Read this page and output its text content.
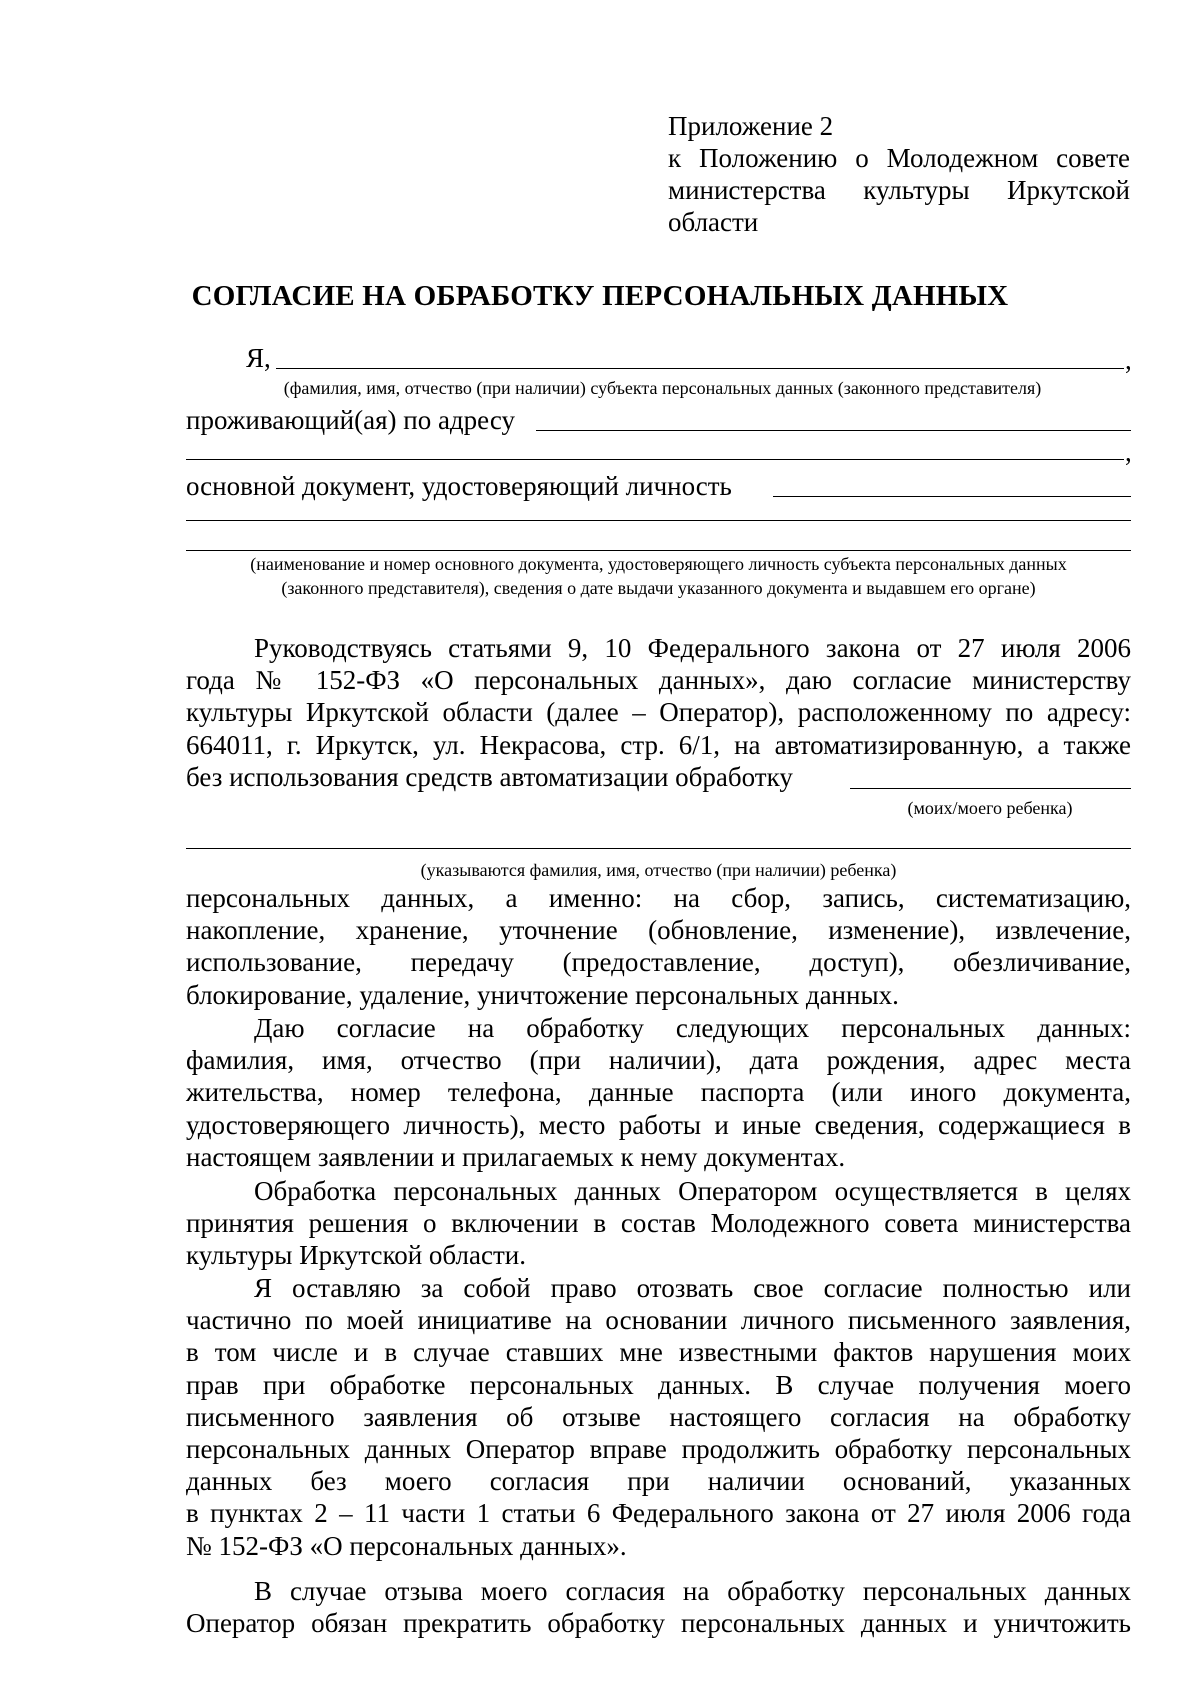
Приложение 2
к Положению о Молодежном совете
министерства культуры Иркутской
области
СОГЛАСИЕ НА ОБРАБОТКУ ПЕРСОНАЛЬНЫХ ДАННЫХ
Я,	,
(фамилия, имя, отчество (при наличии) субъекта персональных данных (законного представителя)
проживающий(ая) по адресу
,
основной документ, удостоверяющий личность
(наименование и номер основного документа, удостоверяющего личность субъекта персональных данных
(законного представителя), сведения о дате выдачи указанного документа и выдавшем его органе)
Руководствуясь статьями 9, 10 Федерального закона от 27 июля 2006
года № 152-ФЗ «О персональных данных», даю согласие министерству
культуры Иркутской области (далее – Оператор), расположенному по адресу:
664011, г. Иркутск, ул. Некрасова, стр. 6/1, на автоматизированную, а также
без использования средств автоматизации обработку
(моих/моего ребенка)
(указываются фамилия, имя, отчество (при наличии) ребенка)
персональных данных, а именно: на сбор, запись, систематизацию,
накопление, хранение, уточнение (обновление, изменение), извлечение,
использование, передачу (предоставление, доступ), обезличивание,
блокирование, удаление, уничтожение персональных данных.
Даю согласие на обработку следующих персональных данных:
фамилия, имя, отчество (при наличии), дата рождения, адрес места
жительства, номер телефона, данные паспорта (или иного документа,
удостоверяющего личность), место работы и иные сведения, содержащиеся в
настоящем заявлении и прилагаемых к нему документах.
Обработка персональных данных Оператором осуществляется в целях
принятия решения о включении в состав Молодежного совета министерства
культуры Иркутской области.
Я оставляю за собой право отозвать свое согласие полностью или
частично по моей инициативе на основании личного письменного заявления,
в том числе и в случае ставших мне известными фактов нарушения моих
прав при обработке персональных данных. В случае получения моего
письменного заявления об отзыве настоящего согласия на обработку
персональных данных Оператор вправе продолжить обработку персональных
данных без моего согласия при наличии оснований, указанных
в пунктах 2 – 11 части 1 статьи 6 Федерального закона от 27 июля 2006 года
№ 152-ФЗ «О персональных данных».
В случае отзыва моего согласия на обработку персональных данных
Оператор обязан прекратить обработку персональных данных и уничтожить
